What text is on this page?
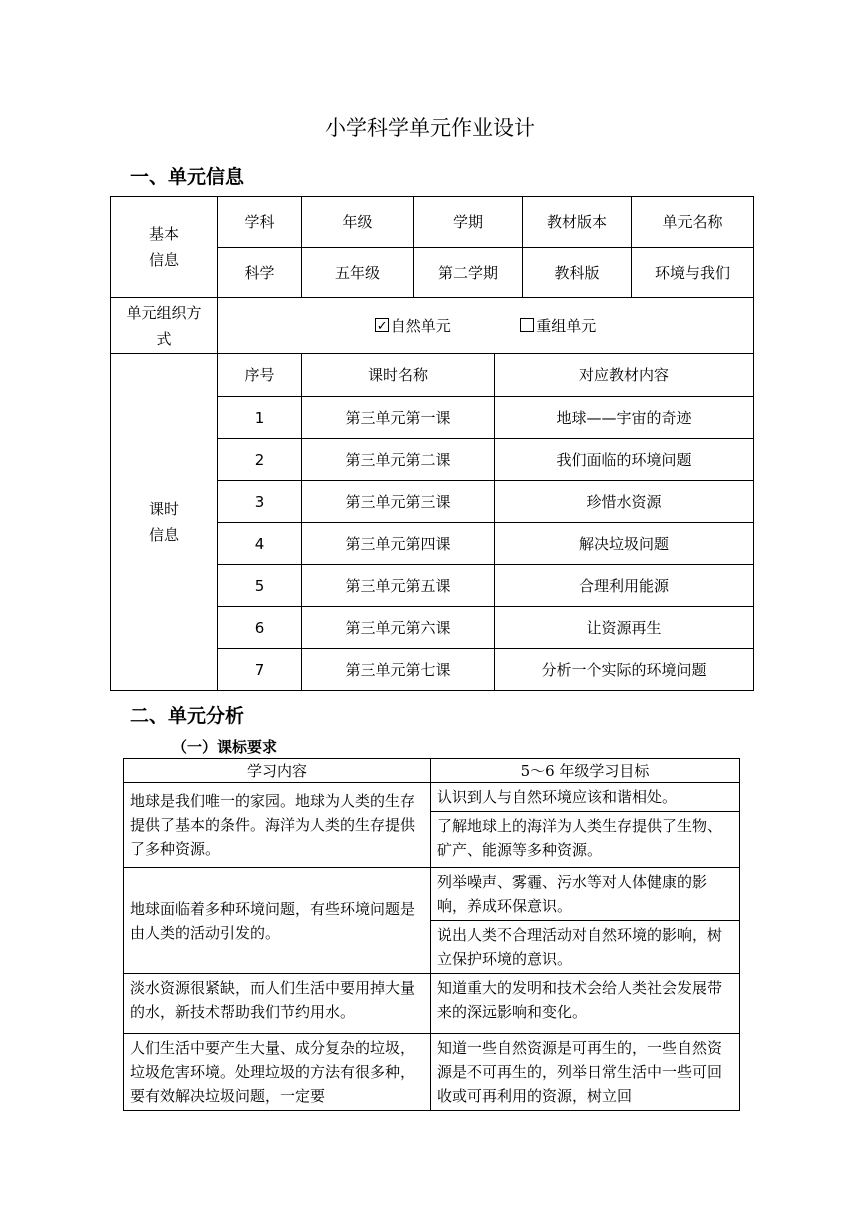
小学科学单元作业设计
一、单元信息
基本
信息	学科	年级	学期		教材版本	单元名称
	科学	五年级	第二学期		教科版	环境与我们
单元组织方
式	✓自然单元 重组单元
课时
信息	序号	课时名称		对应教材内容		
	1	第三单元第一课		地球——宇宙的奇迹		
	2	第三单元第二课		我们面临的环境问题		
	3	第三单元第三课		珍惜水资源		
	4	第三单元第四课		解决垃圾问题		
	5	第三单元第五课		合理利用能源		
	6	第三单元第六课		让资源再生		
	7	第三单元第七课		分析一个实际的环境问题		
二、单元分析
（一）课标要求
学习内容	5～6 年级学习目标
地球是我们唯一的家园。地球为人类的生存提供了基本的条件。海洋为人类的生存提供了多种资源。	认识到人与自然环境应该和谐相处。
	了解地球上的海洋为人类生存提供了生物、矿产、能源等多种资源。
地球面临着多种环境问题，有些环境问题是由人类的活动引发的。	列举噪声、雾霾、污水等对人体健康的影响，养成环保意识。
	说出人类不合理活动对自然环境的影响，树立保护环境的意识。
淡水资源很紧缺，而人们生活中要用掉大量的水，新技术帮助我们节约用水。	知道重大的发明和技术会给人类社会发展带来的深远影响和变化。
人们生活中要产生大量、成分复杂的垃圾，垃圾危害环境。处理垃圾的方法有很多种，要有效解决垃圾问题，一定要	知道一些自然资源是可再生的，一些自然资源是不可再生的，列举日常生活中一些可回收或可再利用的资源，树立回
